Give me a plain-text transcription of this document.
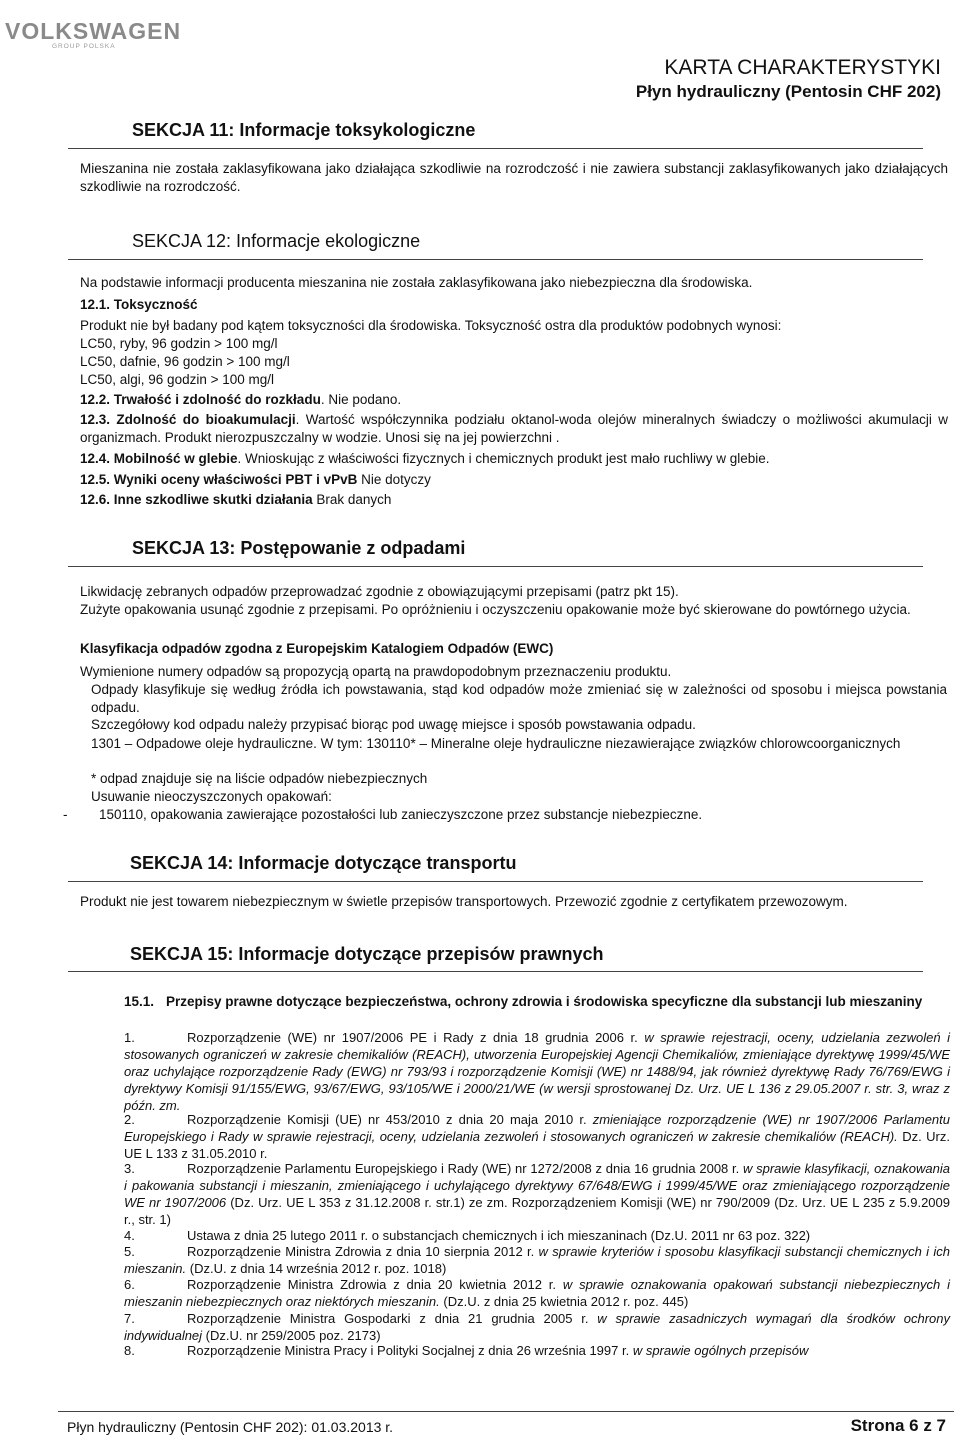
VOLKSWAGEN
GROUP POLSKA
KARTA CHARAKTERYSTYKI
Płyn hydrauliczny (Pentosin CHF 202)
SEKCJA 11: Informacje toksykologiczne
Mieszanina nie została zaklasyfikowana jako działająca szkodliwie na rozrodczość i nie zawiera substancji zaklasyfikowanych jako działających szkodliwie na rozrodczość.
SEKCJA 12: Informacje ekologiczne
Na podstawie informacji producenta mieszanina nie została zaklasyfikowana jako niebezpieczna dla środowiska.
12.1. Toksyczność
Produkt nie był badany pod kątem toksyczności dla środowiska. Toksyczność ostra dla produktów podobnych wynosi:
LC50, ryby, 96 godzin > 100 mg/l
LC50, dafnie, 96 godzin > 100 mg/l
LC50, algi, 96 godzin > 100 mg/l
12.2. Trwałość i zdolność do rozkładu. Nie podano.
12.3. Zdolność do bioakumulacji. Wartość współczynnika podziału oktanol-woda olejów mineralnych świadczy o możliwości akumulacji w organizmach. Produkt nierozpuszczalny w wodzie. Unosi się na jej powierzchni .
12.4. Mobilność w glebie. Wnioskując z właściwości fizycznych i chemicznych produkt jest mało ruchliwy w glebie.
12.5. Wyniki oceny właściwości PBT i vPvB Nie dotyczy
12.6. Inne szkodliwe skutki działania Brak danych
SEKCJA 13: Postępowanie z odpadami
Likwidację zebranych odpadów przeprowadzać zgodnie z obowiązującymi przepisami (patrz pkt 15).
Zużyte opakowania usunąć zgodnie z przepisami. Po opróżnieniu i oczyszczeniu opakowanie może być skierowane do powtórnego użycia.
Klasyfikacja odpadów zgodna z Europejskim Katalogiem Odpadów (EWC)
Wymienione numery odpadów są propozycją opartą na prawdopodobnym przeznaczeniu produktu.
Odpady klasyfikuje się według źródła ich powstawania, stąd kod odpadów może zmieniać się w zależności od sposobu i miejsca powstania odpadu.
Szczegółowy kod odpadu należy przypisać biorąc pod uwagę miejsce i sposób powstawania odpadu.
1301 – Odpadowe oleje hydrauliczne. W tym: 130110* – Mineralne oleje hydrauliczne niezawierające związków chlorowcoorganicznych
* odpad znajduje się na liście odpadów niebezpiecznych
Usuwanie nieoczyszczonych opakowań:
- 150110, opakowania zawierające pozostałości lub zanieczyszczone przez substancje niebezpieczne.
SEKCJA 14: Informacje dotyczące transportu
Produkt nie jest towarem niebezpiecznym w świetle przepisów transportowych. Przewozić zgodnie z certyfikatem przewozowym.
SEKCJA 15: Informacje dotyczące przepisów prawnych
15.1. Przepisy prawne dotyczące bezpieczeństwa, ochrony zdrowia i środowiska specyficzne dla substancji lub mieszaniny
1.	Rozporządzenie (WE) nr 1907/2006 PE i Rady z dnia 18 grudnia 2006 r. w sprawie rejestracji, oceny, udzielania zezwoleń i stosowanych ograniczeń w zakresie chemikaliów (REACH), utworzenia Europejskiej Agencji Chemikaliów, zmieniające dyrektywę 1999/45/WE oraz uchylające rozporządzenie Rady (EWG) nr 793/93 i rozporządzenie Komisji (WE) nr 1488/94, jak również dyrektywę Rady 76/769/EWG i dyrektywy Komisji 91/155/EWG, 93/67/EWG, 93/105/WE i 2000/21/WE (w wersji sprostowanej Dz. Urz. UE L 136 z 29.05.2007 r. str. 3, wraz z późn. zm.
2.	Rozporządzenie Komisji (UE) nr 453/2010 z dnia 20 maja 2010 r. zmieniające rozporządzenie (WE) nr 1907/2006 Parlamentu Europejskiego i Rady w sprawie rejestracji, oceny, udzielania zezwoleń i stosowanych ograniczeń w zakresie chemikaliów (REACH). Dz. Urz. UE L 133 z 31.05.2010 r.
3.	Rozporządzenie Parlamentu Europejskiego i Rady (WE) nr 1272/2008 z dnia 16 grudnia 2008 r. w sprawie klasyfikacji, oznakowania i pakowania substancji i mieszanin, zmieniającego i uchylającego dyrektywy 67/648/EWG i 1999/45/WE oraz zmieniającego rozporządzenie WE nr 1907/2006 (Dz. Urz. UE L 353 z 31.12.2008 r. str.1) ze zm. Rozporządzeniem Komisji (WE) nr 790/2009 (Dz. Urz. UE L 235 z 5.9.2009 r., str. 1)
4.	Ustawa z dnia 25 lutego 2011 r. o substancjach chemicznych i ich mieszaninach (Dz.U. 2011 nr 63 poz. 322)
5.	Rozporządzenie Ministra Zdrowia z dnia 10 sierpnia 2012 r. w sprawie kryteriów i sposobu klasyfikacji substancji chemicznych i ich mieszanin. (Dz.U. z dnia 14 września 2012 r. poz. 1018)
6.	Rozporządzenie Ministra Zdrowia z dnia 20 kwietnia 2012 r. w sprawie oznakowania opakowań substancji niebezpiecznych i mieszanin niebezpiecznych oraz niektórych mieszanin. (Dz.U. z dnia 25 kwietnia 2012 r. poz. 445)
7.	Rozporządzenie Ministra Gospodarki z dnia 21 grudnia 2005 r. w sprawie zasadniczych wymagań dla środków ochrony indywidualnej (Dz.U. nr 259/2005 poz. 2173)
8.	Rozporządzenie Ministra Pracy i Polityki Socjalnej z dnia 26 września 1997 r. w sprawie ogólnych przepisów
Płyn hydrauliczny (Pentosin CHF 202): 01.03.2013 r.	Strona 6 z 7
